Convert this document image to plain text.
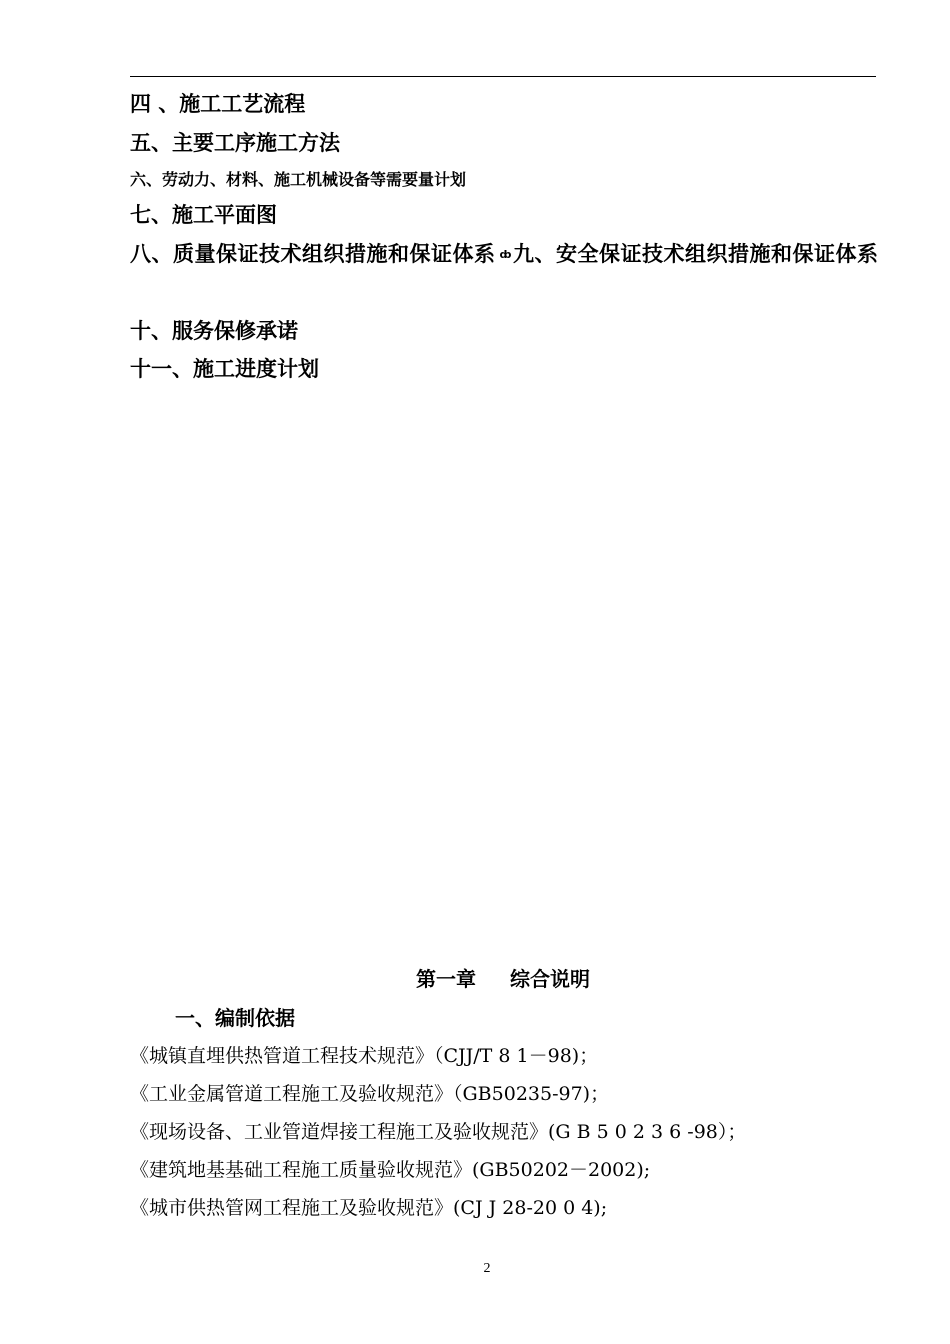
四 、施工工艺流程
五、主要工序施工方法
六、劳动力、材料、施工机械设备等需要量计划
七、施工平面图
八、质量保证技术组织措施和保证体系 ȸ九、安全保证技术组织措施和保证体系
十、服务保修承诺
十一、施工进度计划
第一章 综合说明
一、编制依据
《城镇直埋供热管道工程技术规范》（CJJ/T 8 1－98)；
《工业金属管道工程施工及验收规范》（GB50235-97)；
《现场设备、工业管道焊接工程施工及验收规范》(G B 5 0 2 3 6 -98）；
《建筑地基基础工程施工质量验收规范》(GB50202－2002);
《城市供热管网工程施工及验收规范》(CJ J 28-20 0 4);
2
